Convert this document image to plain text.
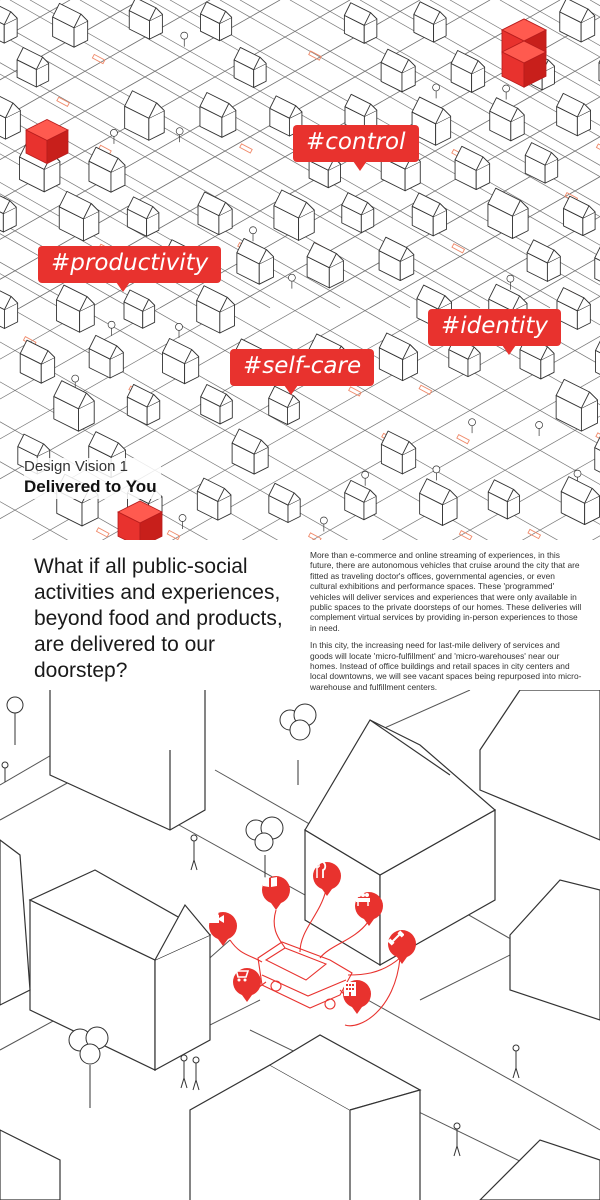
#control
#productivity
#identity
#self-care
Design Vision 1
Delivered to You
What if all public-social activities and experiences, beyond food and products, are delivered to our doorstep?

More than e-commerce and online streaming of experiences, in this future, there are autonomous vehicles that cruise around the city that are fitted as traveling doctor's offices, governmental agencies, or even cultural exhibitions and performance spaces. These 'programmed' vehicles will deliver services and experiences that were only available in public spaces to the private doorsteps of our homes. These deliveries will complement virtual services by providing in-person experiences to those in need.

In this city, the increasing need for last-mile delivery of services and goods will locate 'micro-fulfillment' and 'micro-warehouses' near our homes. Instead of office buildings and retail spaces in city centers and local downtowns, we will see vacant spaces being repurposed into micro-warehouse and fulfillment centers.
